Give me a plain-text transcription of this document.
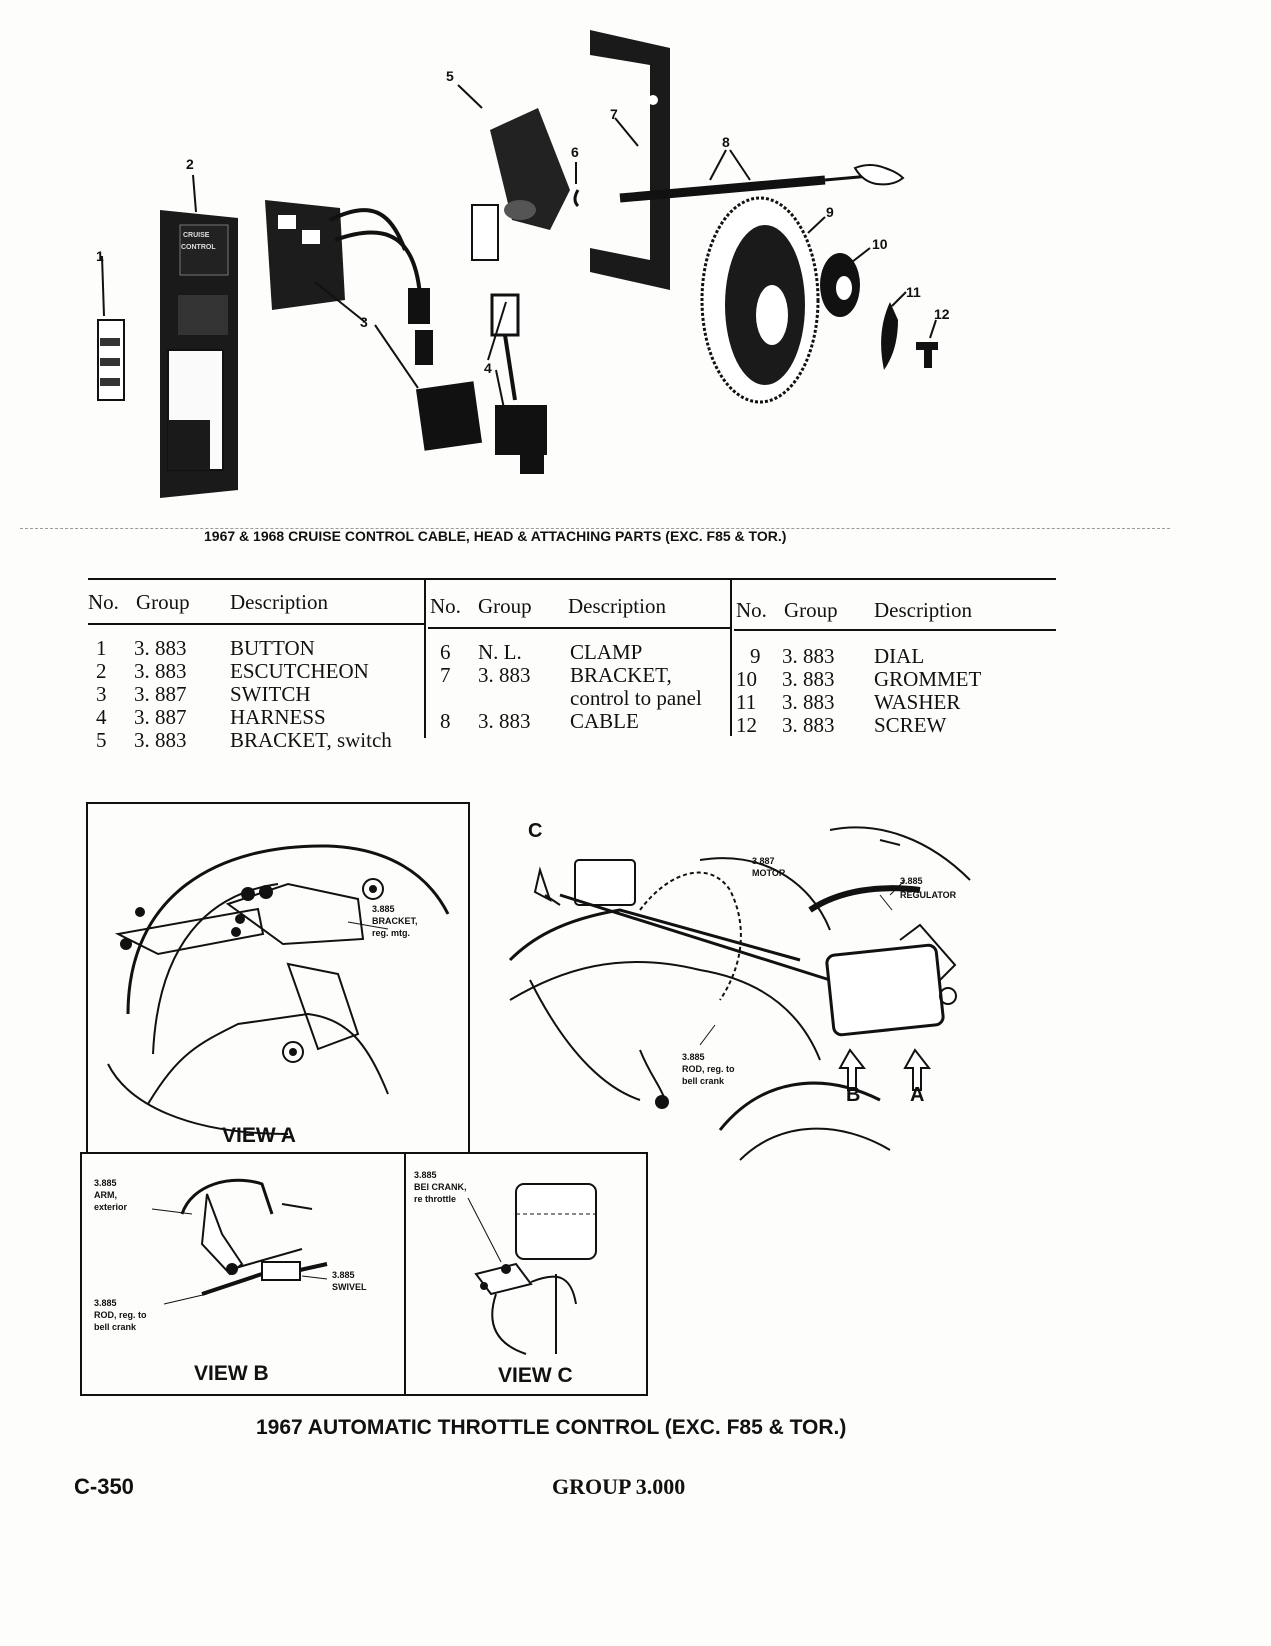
1
2
3
4
5
6
7
8
9
10
11
12
CRUISE
CONTROL
1967 & 1968 CRUISE CONTROL CABLE, HEAD & ATTACHING PARTS (EXC. F85 & TOR.)
No. Group Description	No. Group Description	No. Group Description
1 3. 883 BUTTON
2 3. 883 ESCUTCHEON
3 3. 887 SWITCH
4 3. 887 HARNESS
5 3. 883 BRACKET, switch
6 N. L. CLAMP
7 3. 883 BRACKET,
control to panel
8 3. 883 CABLE
9 3. 883 DIAL
10 3. 883 GROMMET
11 3. 883 WASHER
12 3. 883 SCREW
3.885
BRACKET,
reg. mtg.
VIEW A
C
B A
3.887
MOTOR
3.885
REGULATOR
3.885
ROD, reg. to
bell crank
3.885
ARM,
exterior
3.885
SWIVEL
3.885
ROD, reg. to
bell crank
VIEW B
3.885
BEl CRANK,
re throttle
VIEW C
1967 AUTOMATIC THROTTLE CONTROL (EXC. F85 & TOR.)
C-350	GROUP 3.000
